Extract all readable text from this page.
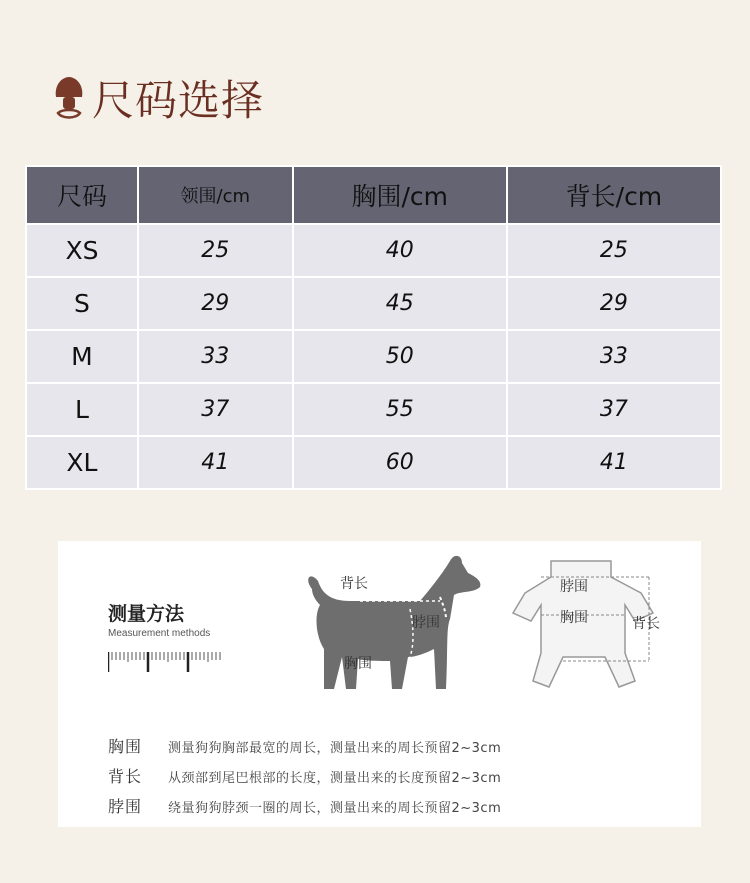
尺码选择
尺码	领围/cm	胸围/cm	背长/cm
XS	25	40	25
S	29	45	29
M	33	50	33
L	37	55	37
XL	41	60	41
测量方法
Measurement methods
背长
脖围
胸围
脖围
胸围	背长
胸围	测量狗狗胸部最宽的周长，测量出来的周长预留2~3cm
背长	从颈部到尾巴根部的长度，测量出来的长度预留2~3cm
脖围	绕量狗狗脖颈一圈的周长，测量出来的周长预留2~3cm
